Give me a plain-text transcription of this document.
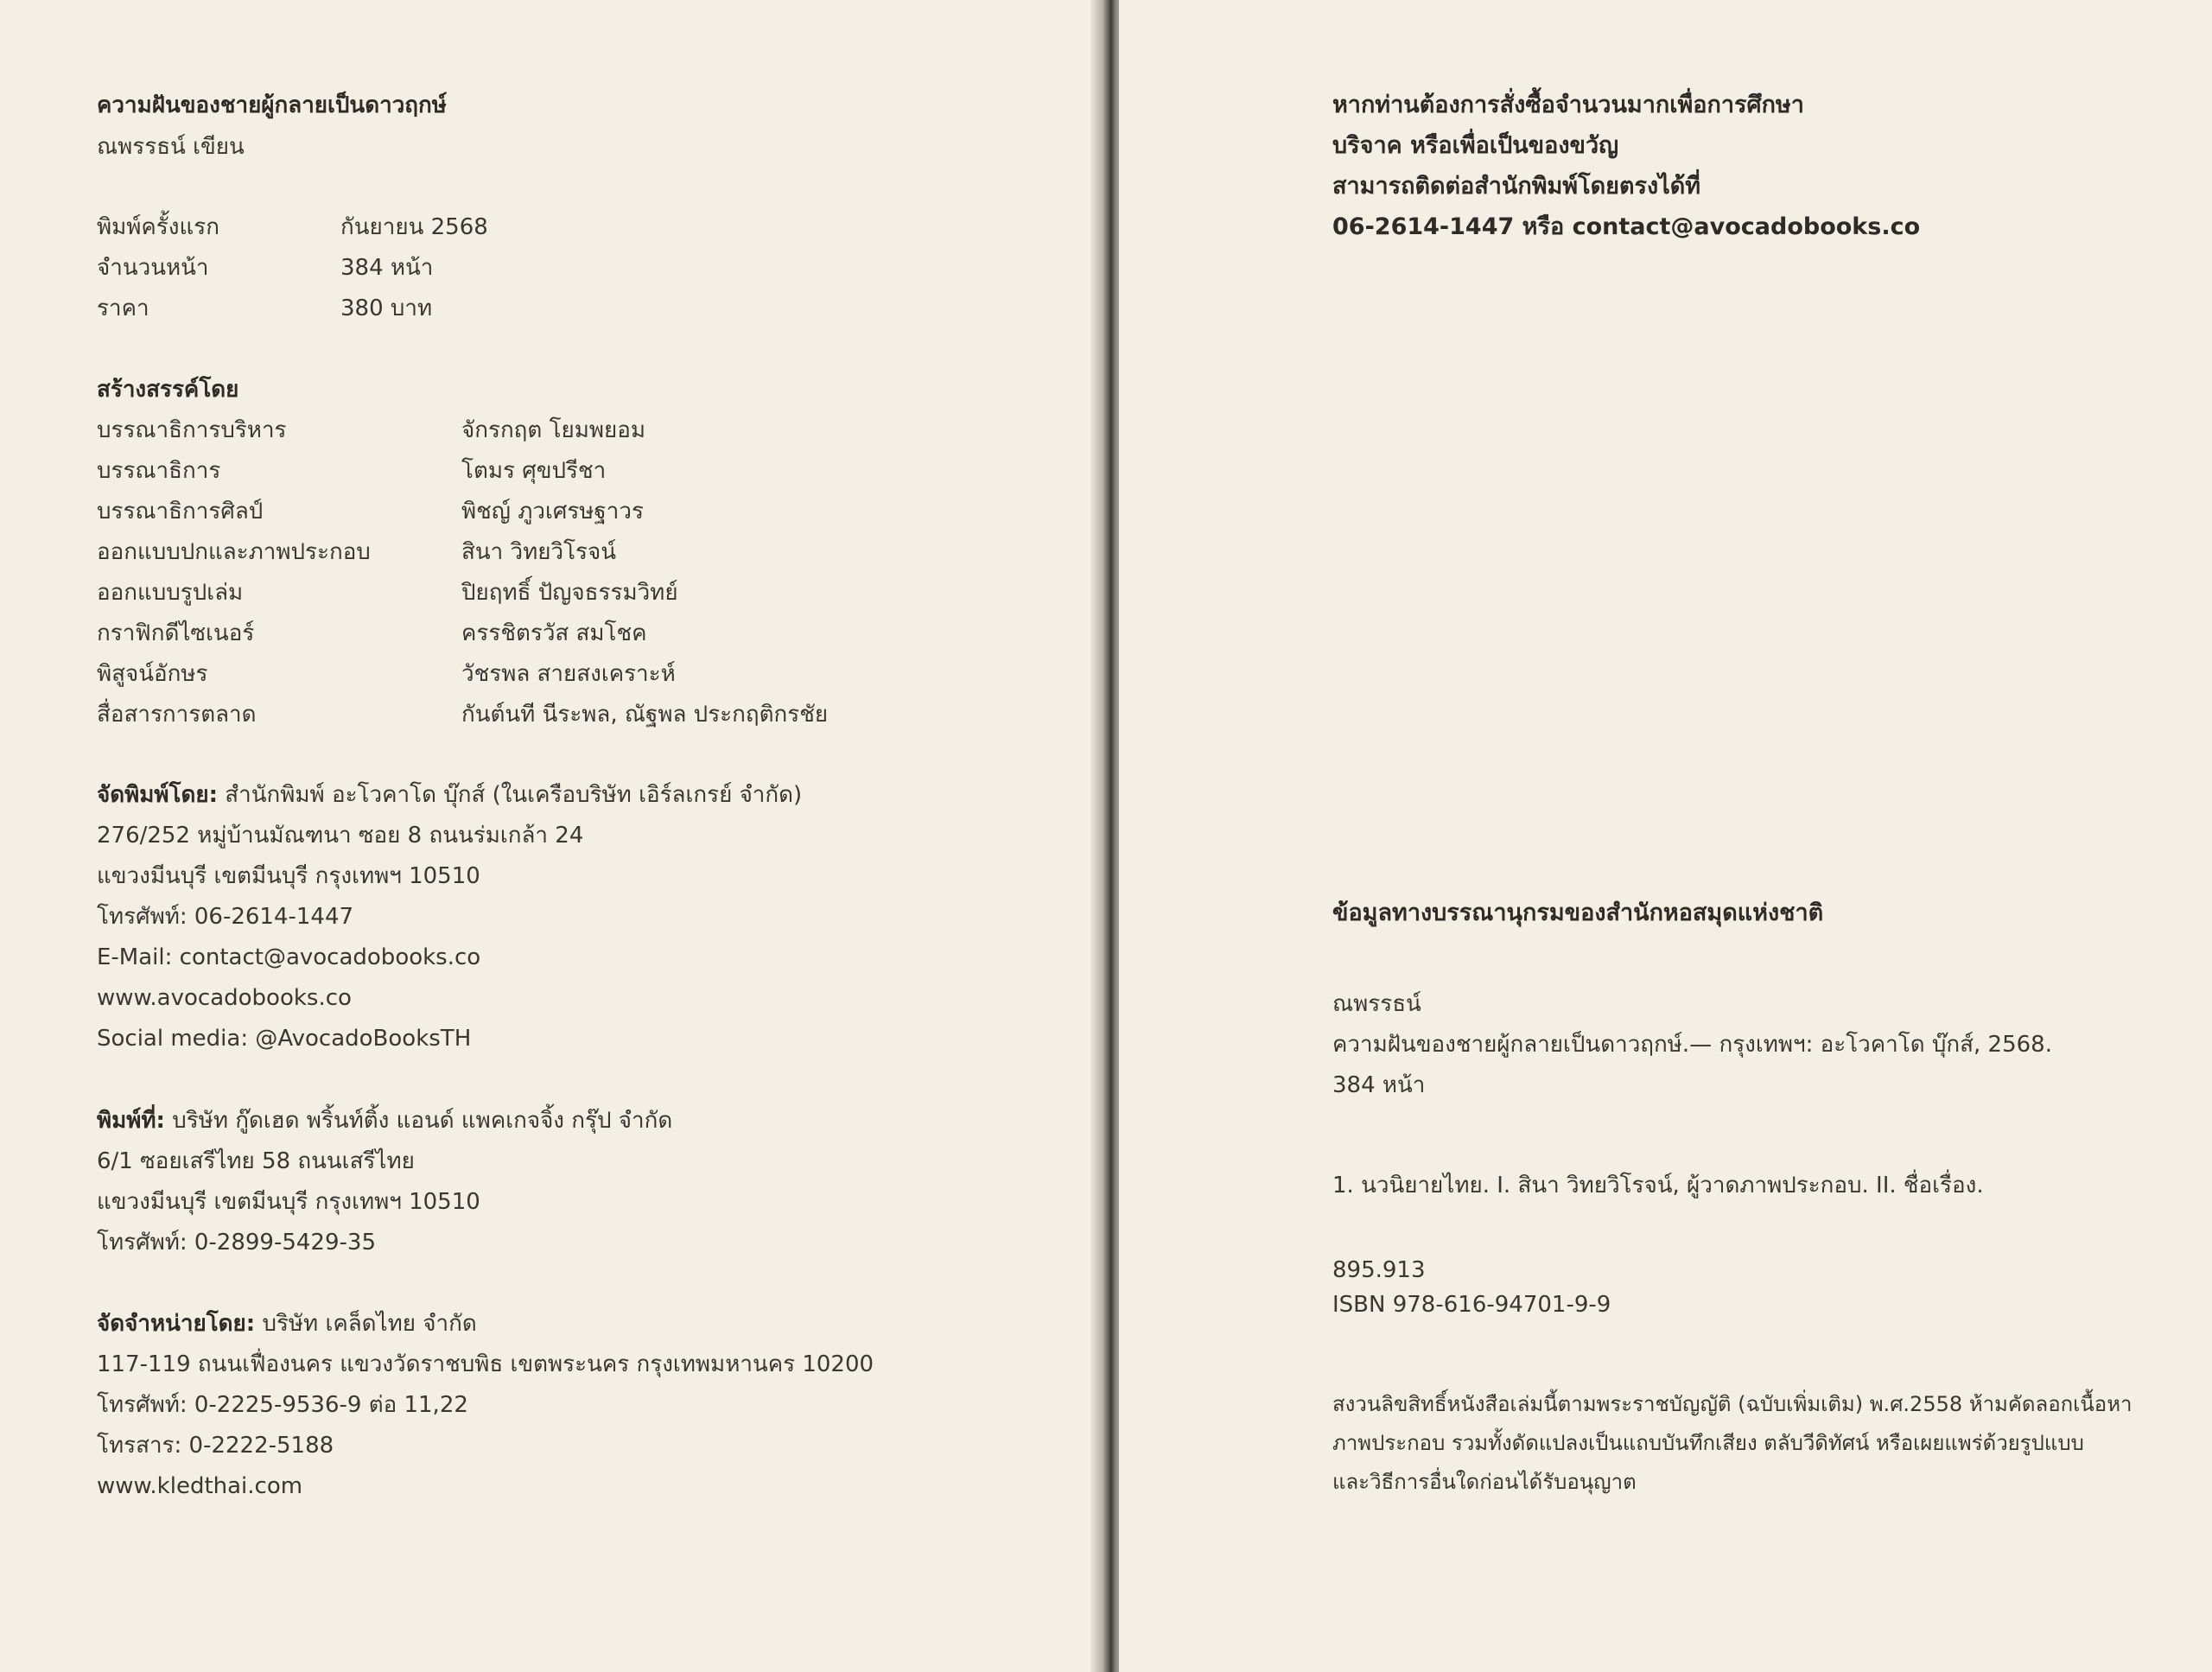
ความฝันของชายผู้กลายเป็นดาวฤกษ์
ณพรรธน์ เขียน
พิมพ์ครั้งแรก	กันยายน 2568
จำนวนหน้า	384 หน้า
ราคา	380 บาท
สร้างสรรค์โดย
บรรณาธิการบริหาร	จักรกฤต โยมพยอม
บรรณาธิการ	โตมร ศุขปรีชา
บรรณาธิการศิลป์	พิชญ์ ภูวเศรษฐาวร
ออกแบบปกและภาพประกอบ	สินา วิทยวิโรจน์
ออกแบบรูปเล่ม	ปิยฤทธิ์ ปัญจธรรมวิทย์
กราฟิกดีไซเนอร์	ครรชิตรวัส สมโชค
พิสูจน์อักษร	วัชรพล สายสงเคราะห์
สื่อสารการตลาด	กันต์นที นีระพล, ณัฐพล ประกฤติกรชัย
จัดพิมพ์โดย: สำนักพิมพ์ อะโวคาโด บุ๊กส์ (ในเครือบริษัท เอิร์ลเกรย์ จำกัด)
276/252 หมู่บ้านมัณฑนา ซอย 8 ถนนร่มเกล้า 24
แขวงมีนบุรี เขตมีนบุรี กรุงเทพฯ 10510
โทรศัพท์: 06-2614-1447
E-Mail: contact@avocadobooks.co
www.avocadobooks.co
Social media: @AvocadoBooksTH
พิมพ์ที่: บริษัท กู๊ดเฮด พริ้นท์ติ้ง แอนด์ แพคเกจจิ้ง กรุ๊ป จำกัด
6/1 ซอยเสรีไทย 58 ถนนเสรีไทย
แขวงมีนบุรี เขตมีนบุรี กรุงเทพฯ 10510
โทรศัพท์: 0-2899-5429-35
จัดจำหน่ายโดย: บริษัท เคล็ดไทย จำกัด
117-119 ถนนเฟื่องนคร แขวงวัดราชบพิธ เขตพระนคร กรุงเทพมหานคร 10200
โทรศัพท์: 0-2225-9536-9 ต่อ 11,22
โทรสาร: 0-2222-5188
www.kledthai.com
หากท่านต้องการสั่งซื้อจำนวนมากเพื่อการศึกษา
บริจาค หรือเพื่อเป็นของขวัญ
สามารถติดต่อสำนักพิมพ์โดยตรงได้ที่
06-2614-1447 หรือ contact@avocadobooks.co
ข้อมูลทางบรรณานุกรมของสำนักหอสมุดแห่งชาติ
ณพรรธน์
ความฝันของชายผู้กลายเป็นดาวฤกษ์.— กรุงเทพฯ: อะโวคาโด บุ๊กส์, 2568.
384 หน้า
1. นวนิยายไทย. I. สินา วิทยวิโรจน์, ผู้วาดภาพประกอบ. II. ชื่อเรื่อง.
895.913
ISBN 978-616-94701-9-9
สงวนลิขสิทธิ์หนังสือเล่มนี้ตามพระราชบัญญัติ (ฉบับเพิ่มเติม) พ.ศ.2558 ห้ามคัดลอกเนื้อหา
ภาพประกอบ รวมทั้งดัดแปลงเป็นแถบบันทึกเสียง ตลับวีดิทัศน์ หรือเผยแพร่ด้วยรูปแบบ
และวิธีการอื่นใดก่อนได้รับอนุญาต
